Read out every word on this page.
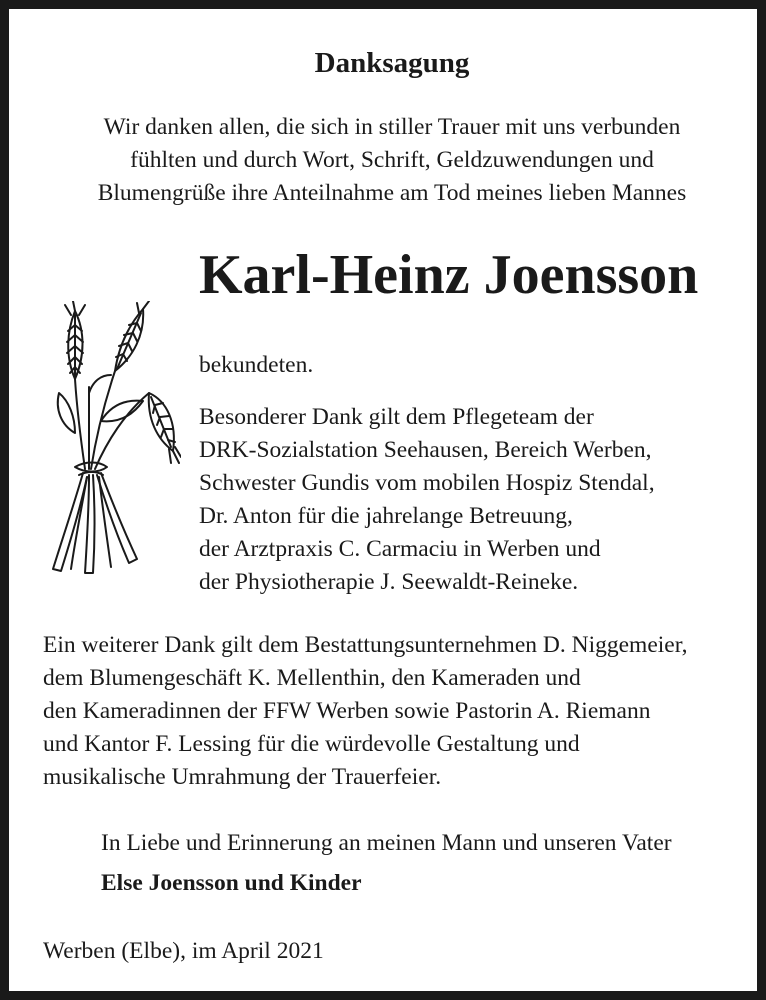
Danksagung
Wir danken allen, die sich in stiller Trauer mit uns verbunden
fühlten und durch Wort, Schrift, Geldzuwendungen und
Blumengrüße ihre Anteilnahme am Tod meines lieben Mannes
Karl-Heinz Joensson
bekundeten.
Besonderer Dank gilt dem Pflegeteam der
DRK-Sozialstation Seehausen, Bereich Werben,
Schwester Gundis vom mobilen Hospiz Stendal,
Dr. Anton für die jahrelange Betreuung,
der Arztpraxis C. Carmaciu in Werben und
der Physiotherapie J. Seewaldt-Reineke.
Ein weiterer Dank gilt dem Bestattungsunternehmen D. Niggemeier,
dem Blumengeschäft K. Mellenthin, den Kameraden und
den Kameradinnen der FFW Werben sowie Pastorin A. Riemann
und Kantor F. Lessing für die würdevolle Gestaltung und
musikalische Umrahmung der Trauerfeier.
In Liebe und Erinnerung an meinen Mann und unseren Vater
Else Joensson und Kinder
Werben (Elbe), im April 2021
